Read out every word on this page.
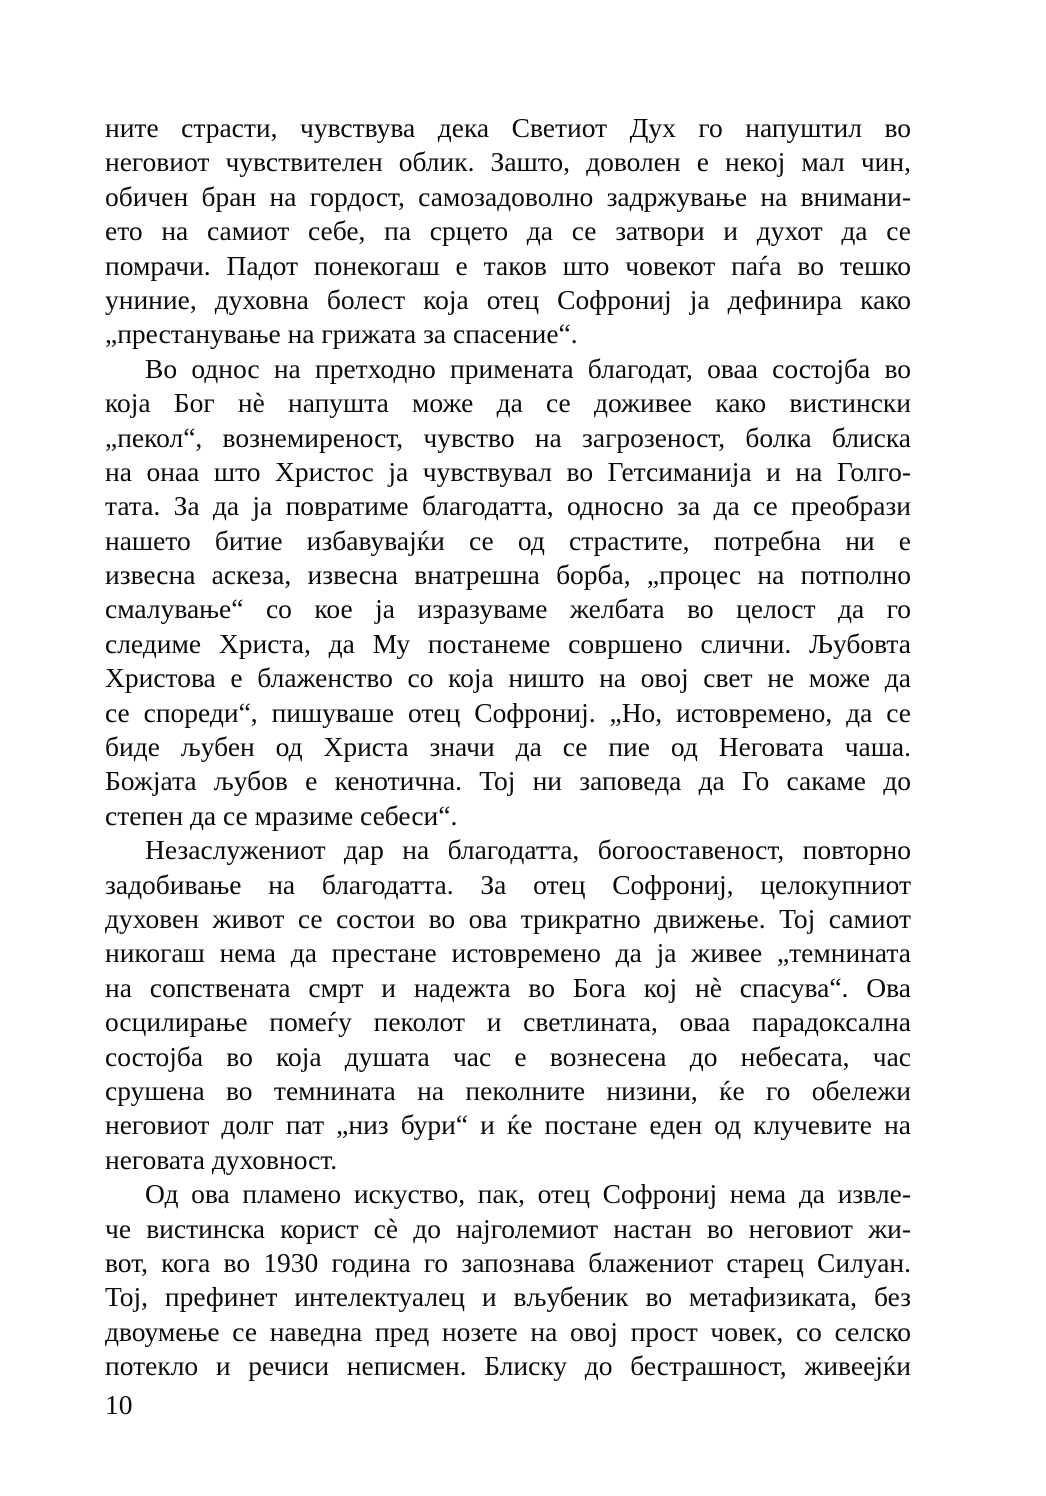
ните страсти, чувствува дека Светиот Дух го напуштил во
неговиот чувствителен облик. Зашто, доволен е некој мал чин,
обичен бран на гордост, самозадоволно задржување на внимани-
ето на самиот себе, па срцето да се затвори и духот да се
помрачи. Падот понекогаш е таков што човекот паѓа во тешко
униние, духовна болест која отец Софрониј ја дефинира како
„престанување на грижата за спасение“.
Во однос на претходно примената благодат, оваа состојба во
која Бог нѐ напушта може да се доживее како вистински
„пекол“, вознемиреност, чувство на загрозеност, болка блиска
на онаа што Христос ја чувствувал во Гетсиманија и на Голго-
тата. За да ја повратиме благодатта, односно за да се преобрази
нашето битие избавувајќи се од страстите, потребна ни е
извесна аскеза, извесна внатрешна борба, „процес на потполно
смалување“ со кое ја изразуваме желбата во целост да го
следиме Христа, да Му постанеме совршено слични. Љубовта
Христова е блаженство со која ништо на овој свет не може да
се спореди“, пишуваше отец Софрониј. „Но, истовремено, да се
биде љубен од Христа значи да се пие од Неговата чаша.
Божјата љубов е кенотична. Тој ни заповеда да Го сакаме до
степен да се мразиме себеси“.
Незаслужениот дар на благодатта, богооставеност, повторно
задобивање на благодатта. За отец Софрониј, целокупниот
духовен живот се состои во ова трикратно движење. Тој самиот
никогаш нема да престане истовремено да ја живее „темнината
на сопствената смрт и надежта во Бога кој нѐ спасува“. Ова
осцилирање помеѓу пеколот и светлината, оваа парадоксална
состојба во која душата час е вознесена до небесата, час
срушена во темнината на пеколните низини, ќе го обележи
неговиот долг пат „низ бури“ и ќе постане еден од клучевите на
неговата духовност.
Од ова пламено искуство, пак, отец Софрониј нема да извле-
че вистинска корист сѐ до најголемиот настан во неговиот жи-
вот, кога во 1930 година го запознава блажениот старец Силуан.
Тој, префинет интелектуалец и вљубеник во метафизиката, без
двоумење се наведна пред нозете на овој прост човек, со селско
потекло и речиси неписмен. Блиску до бестрашност, живеејќи
10
